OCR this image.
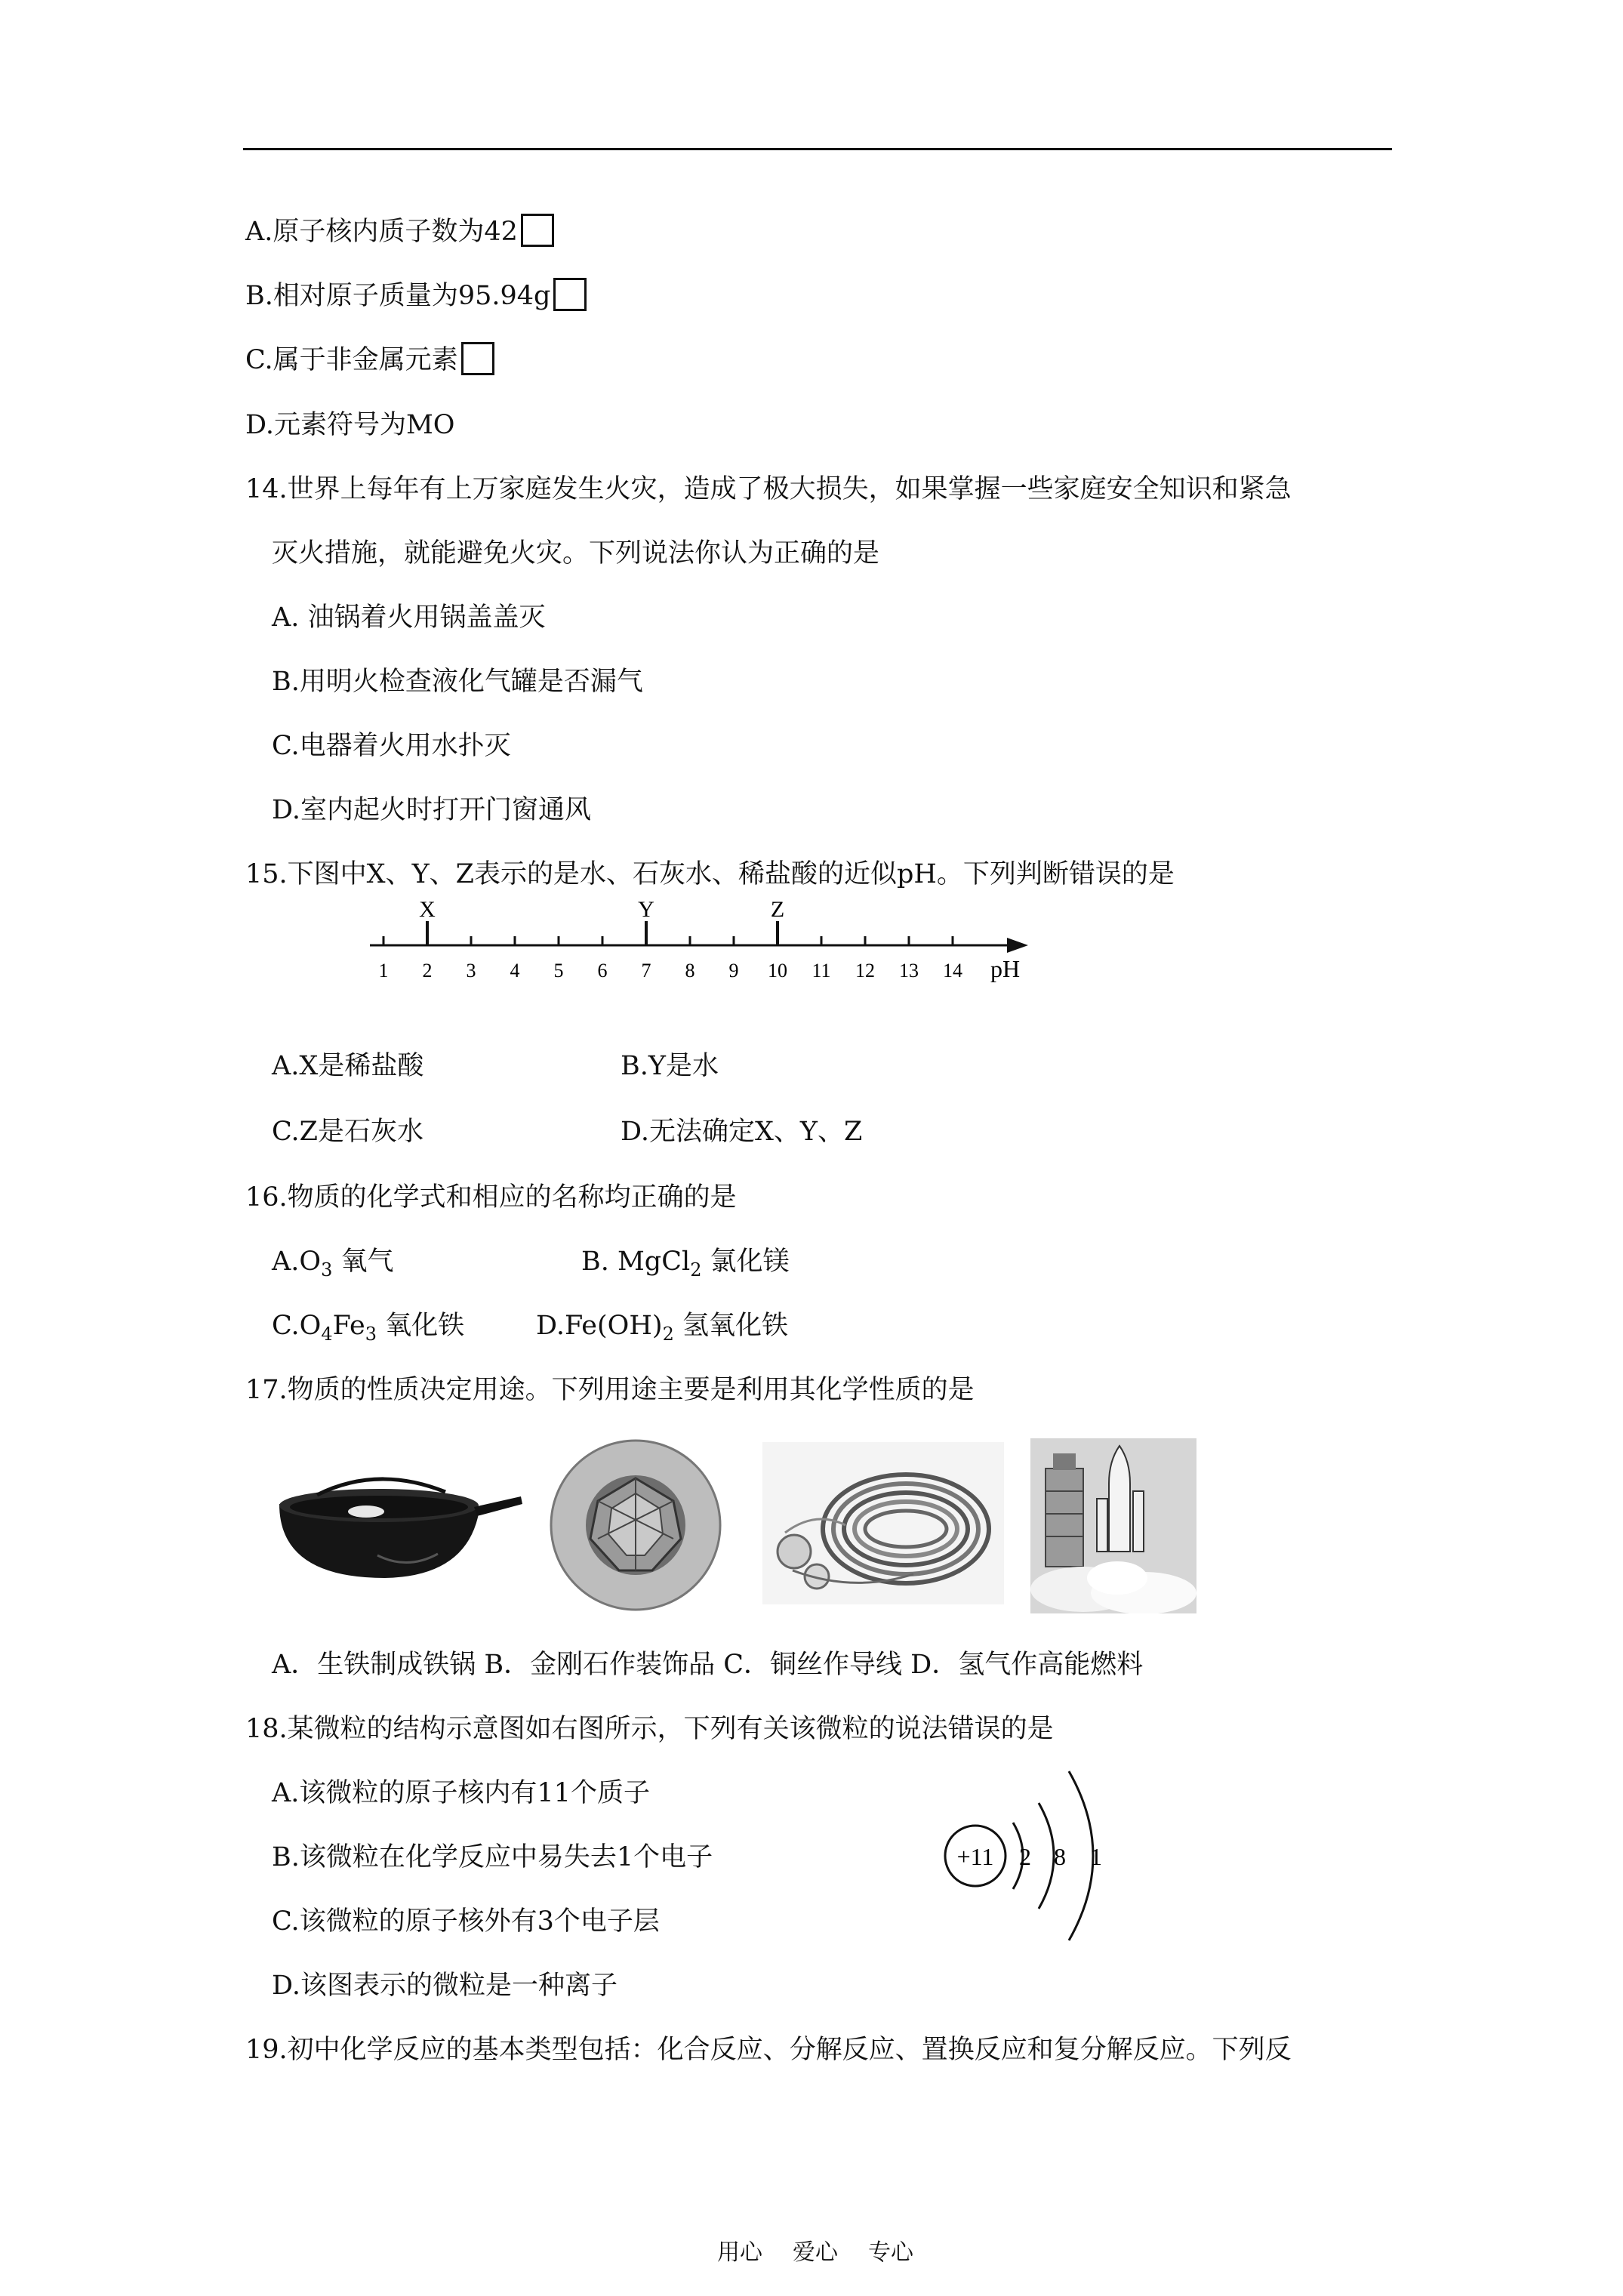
A.原子核内质子数为42
B.相对原子质量为95.94g
C.属于非金属元素
D.元素符号为MO
14.世界上每年有上万家庭发生火灾，造成了极大损失，如果掌握一些家庭安全知识和紧急
灭火措施，就能避免火灾。下列说法你认为正确的是
A. 油锅着火用锅盖盖灭
B.用明火检查液化气罐是否漏气
C.电器着火用水扑灭
D.室内起火时打开门窗通风
15.下图中X、Y、Z表示的是水、石灰水、稀盐酸的近似pH。下列判断错误的是
1 2 3 4 5 6 7 8 9 10 11 12 13 14
X	Y	Z
pH
A.X是稀盐酸	B.Y是水
C.Z是石灰水	D.无法确定X、Y、Z
16.物质的化学式和相应的名称均正确的是
$A.O_3$ 氧气	B. MgCl$_2$ 氯化镁
$C.O_4Fe_3$ 氧化铁	$D.Fe(OH)_2$ 氢氧化铁
17.物质的性质决定用途。下列用途主要是利用其化学性质的是
A．生铁制成铁锅 B．金刚石作装饰品 C．铜丝作导线 D．氢气作高能燃料
18.某微粒的结构示意图如右图所示，下列有关该微粒的说法错误的是
A.该微粒的原子核内有11个质子
B.该微粒在化学反应中易失去1个电子
C.该微粒的原子核外有3个电子层
D.该图表示的微粒是一种离子
+11 2 8 1
19.初中化学反应的基本类型包括：化合反应、分解反应、置换反应和复分解反应。下列反
用心 爱心 专心
